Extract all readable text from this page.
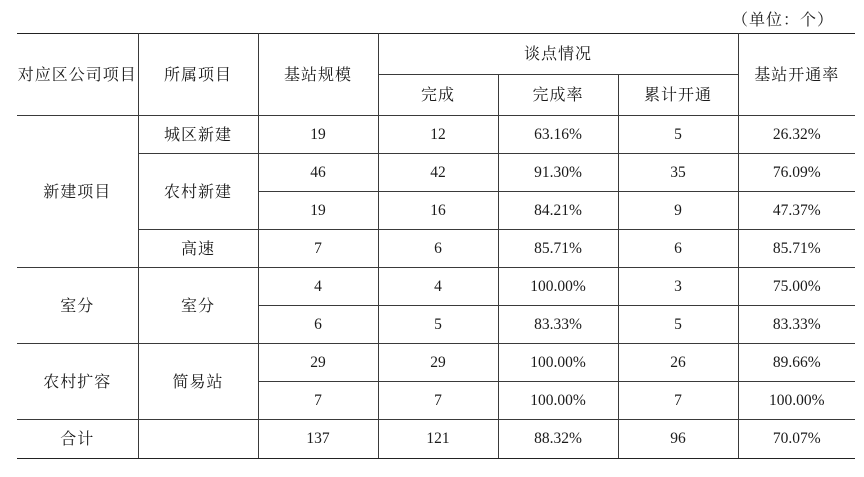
（单位：个）
对应区公司项目	所属项目	基站规模	谈点情况			基站开通率
			完成	完成率	累计开通	
新建项目	城区新建	19	12	63.16%	5	26.32%
	农村新建	46	42	91.30%	35	76.09%
		19	16	84.21%	9	47.37%
	高速	7	6	85.71%	6	85.71%
室分	室分	4	4	100.00%	3	75.00%
		6	5	83.33%	5	83.33%
农村扩容	简易站	29	29	100.00%	26	89.66%
		7	7	100.00%	7	100.00%
合计		137	121	88.32%	96	70.07%
